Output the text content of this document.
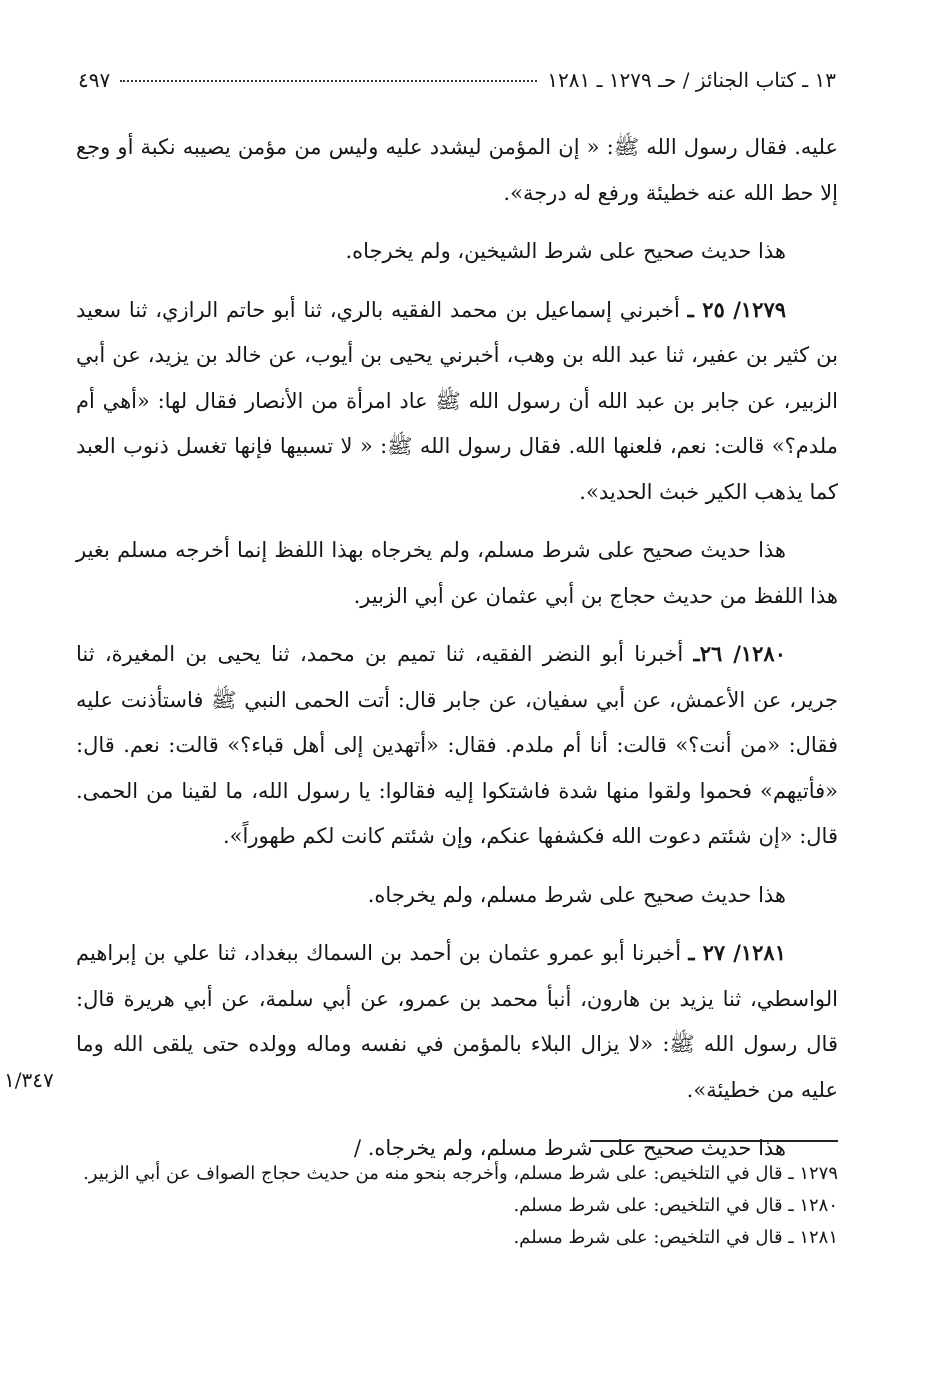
١٣ ـ كتاب الجنائز / حـ ١٢٧٩ ـ ١٢٨١
٤٩٧

عليه. فقال رسول الله ﷺ: « إن المؤمن ليشدد عليه وليس من مؤمن يصيبه نكبة أو وجع إلا حط الله عنه خطيئة ورفع له درجة».

هذا حديث صحيح على شرط الشيخين، ولم يخرجاه.

١٢٧٩/ ٢٥ ـ أخبرني إسماعيل بن محمد الفقيه بالري، ثنا أبو حاتم الرازي، ثنا سعيد بن كثير بن عفير، ثنا عبد الله بن وهب، أخبرني يحيى بن أيوب، عن خالد بن يزيد، عن أبي الزبير، عن جابر بن عبد الله أن رسول الله ﷺ عاد امرأة من الأنصار فقال لها: «أهي أم ملدم؟» قالت: نعم، فلعنها الله. فقال رسول الله ﷺ: « لا تسبيها فإنها تغسل ذنوب العبد كما يذهب الكير خبث الحديد».

هذا حديث صحيح على شرط مسلم، ولم يخرجاه بهذا اللفظ إنما أخرجه مسلم بغير هذا اللفظ من حديث حجاج بن أبي عثمان عن أبي الزبير.

١٢٨٠/ ٢٦ـ أخبرنا أبو النضر الفقيه، ثنا تميم بن محمد، ثنا يحيى بن المغيرة، ثنا جرير، عن الأعمش، عن أبي سفيان، عن جابر قال: أتت الحمى النبي ﷺ فاستأذنت عليه فقال: «من أنت؟» قالت: أنا أم ملدم. فقال: «أتهدين إلى أهل قباء؟» قالت: نعم. قال: «فأتيهم» فحموا ولقوا منها شدة فاشتكوا إليه فقالوا: يا رسول الله، ما لقينا من الحمى. قال: «إن شئتم دعوت الله فكشفها عنكم، وإن شئتم كانت لكم طهوراً».

هذا حديث صحيح على شرط مسلم، ولم يخرجاه.

١٢٨١/ ٢٧ ـ أخبرنا أبو عمرو عثمان بن أحمد بن السماك ببغداد، ثنا علي بن إبراهيم الواسطي، ثنا يزيد بن هارون، أنبأ محمد بن عمرو، عن أبي سلمة، عن أبي هريرة قال: قال رسول الله ﷺ: «لا يزال البلاء بالمؤمن في نفسه وماله وولده حتى يلقى الله وما عليه من خطيئة».

هذا حديث صحيح على شرط مسلم، ولم يخرجاه. /

١/٣٤٧

١٢٧٩ ـ قال في التلخيص: على شرط مسلم، وأخرجه بنحو منه من حديث حجاج الصواف عن أبي الزبير.

١٢٨٠ ـ قال في التلخيص: على شرط مسلم.

١٢٨١ ـ قال في التلخيص: على شرط مسلم.
